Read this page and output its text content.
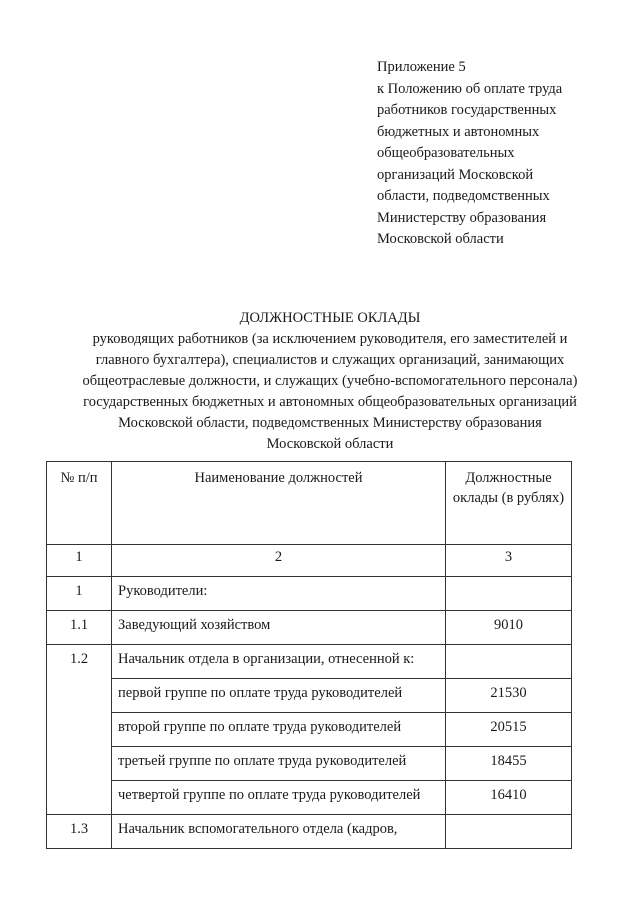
Приложение 5
к Положению об оплате труда
работников государственных
бюджетных и автономных
общеобразовательных
организаций Московской
области, подведомственных
Министерству образования
Московской области
ДОЛЖНОСТНЫЕ ОКЛАДЫ
руководящих работников (за исключением руководителя, его заместителей и
главного бухгалтера), специалистов и служащих организаций, занимающих
общеотраслевые должности, и служащих (учебно-вспомогательного персонала)
государственных бюджетных и автономных общеобразовательных организаций
Московской области, подведомственных Министерству образования
Московской области
№ п/п	Наименование должностей	Должностные оклады (в рублях)
1	2	3
1	Руководители:	
1.1	Заведующий хозяйством	9010
1.2	Начальник отдела в организации, отнесенной к:	
	первой группе по оплате труда руководителей	21530
	второй группе по оплате труда руководителей	20515
	третьей группе по оплате труда руководителей	18455
	четвертой группе по оплате труда руководителей	16410
1.3	Начальник вспомогательного отдела (кадров,	
